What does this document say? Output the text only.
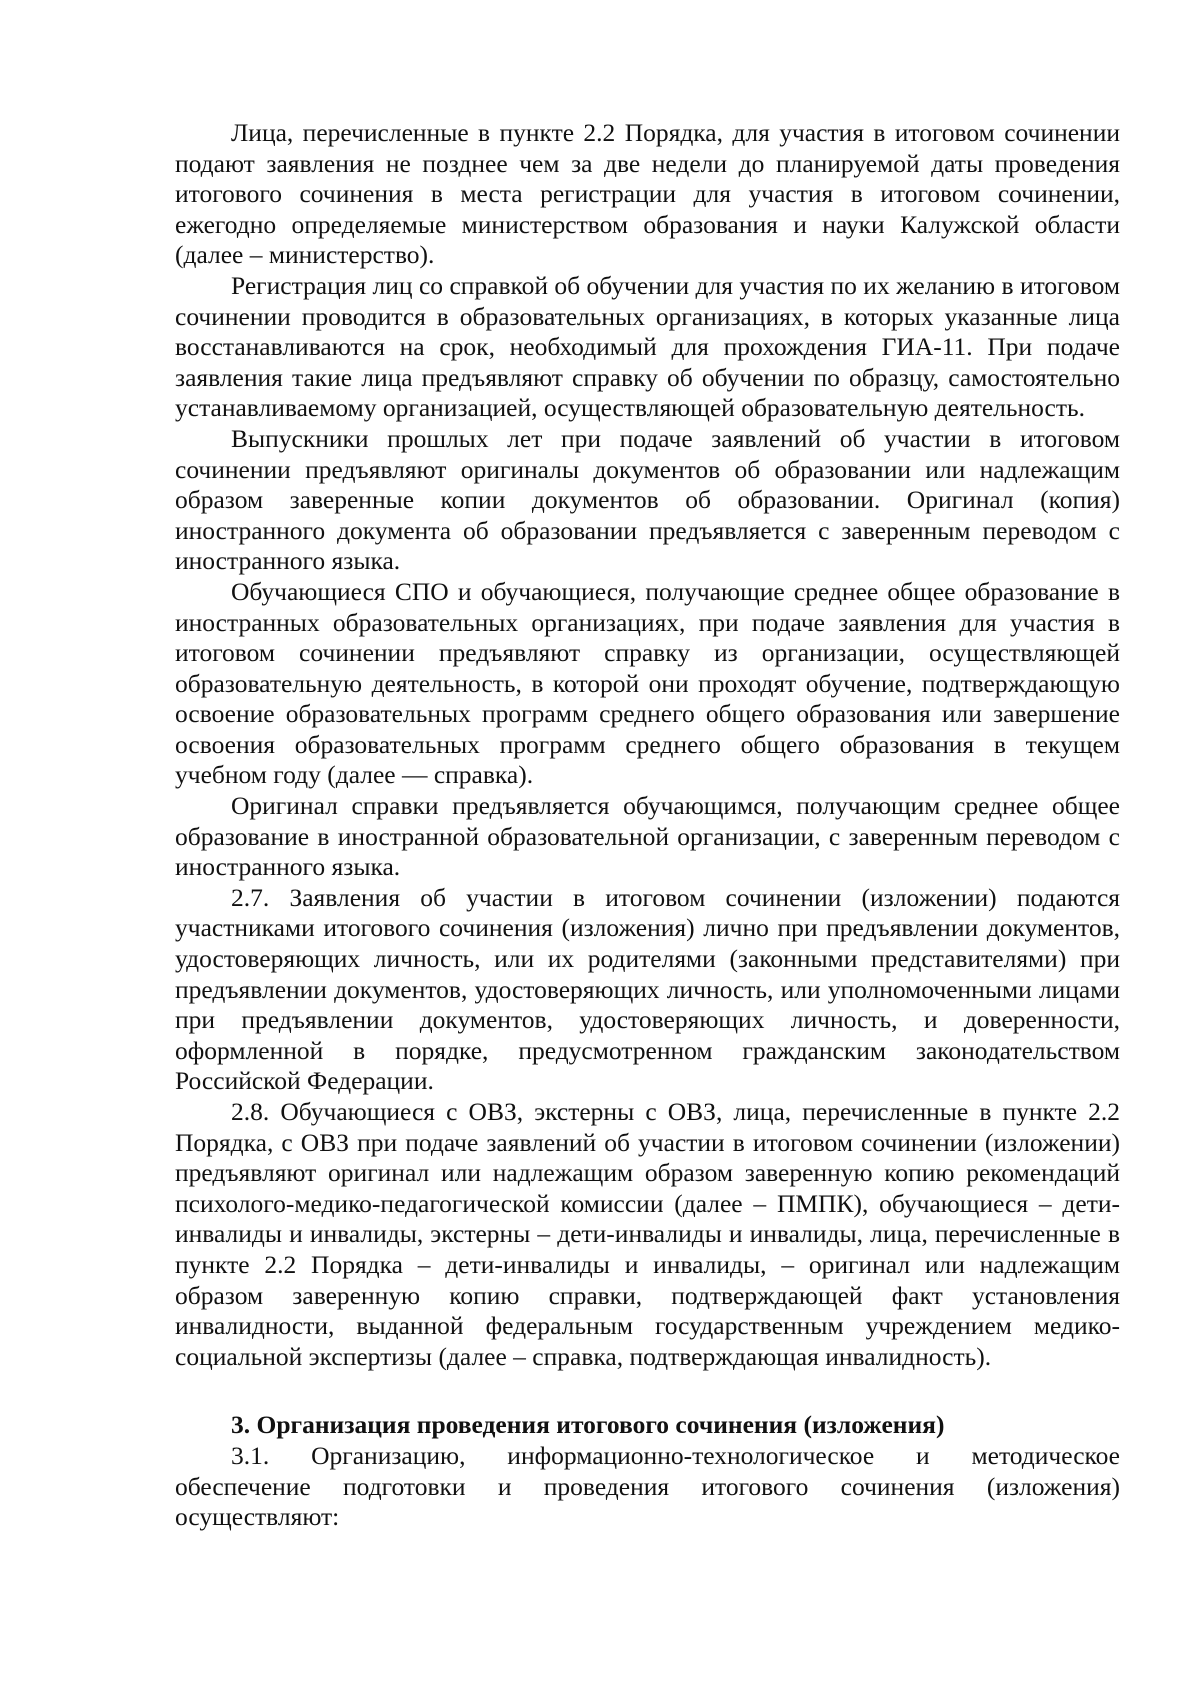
Лица, перечисленные в пункте 2.2 Порядка, для участия в итоговом сочинении подают заявления не позднее чем за две недели до планируемой даты проведения итогового сочинения в места регистрации для участия в итоговом сочинении, ежегодно определяемые министерством образования и науки Калужской области (далее – министерство).

Регистрация лиц со справкой об обучении для участия по их желанию в итоговом сочинении проводится в образовательных организациях, в которых указанные лица восстанавливаются на срок, необходимый для прохождения ГИА-11. При подаче заявления такие лица предъявляют справку об обучении по образцу, самостоятельно устанавливаемому организацией, осуществляющей образовательную деятельность.

Выпускники прошлых лет при подаче заявлений об участии в итоговом сочинении предъявляют оригиналы документов об образовании или надлежащим образом заверенные копии документов об образовании. Оригинал (копия) иностранного документа об образовании предъявляется с заверенным переводом с иностранного языка.

Обучающиеся СПО и обучающиеся, получающие среднее общее образование в иностранных образовательных организациях, при подаче заявления для участия в итоговом сочинении предъявляют справку из организации, осуществляющей образовательную деятельность, в которой они проходят обучение, подтверждающую освоение образовательных программ среднего общего образования или завершение освоения образовательных программ среднего общего образования в текущем учебном году (далее — справка).

Оригинал справки предъявляется обучающимся, получающим среднее общее образование в иностранной образовательной организации, с заверенным переводом с иностранного языка.

2.7. Заявления об участии в итоговом сочинении (изложении) подаются участниками итогового сочинения (изложения) лично при предъявлении документов, удостоверяющих личность, или их родителями (законными представителями) при предъявлении документов, удостоверяющих личность, или уполномоченными лицами при предъявлении документов, удостоверяющих личность, и доверенности, оформленной в порядке, предусмотренном гражданским законодательством Российской Федерации.

2.8. Обучающиеся с ОВЗ, экстерны с ОВЗ, лица, перечисленные в пункте 2.2 Порядка, с ОВЗ при подаче заявлений об участии в итоговом сочинении (изложении) предъявляют оригинал или надлежащим образом заверенную копию рекомендаций психолого-медико-педагогической комиссии (далее – ПМПК), обучающиеся – дети-инвалиды и инвалиды, экстерны – дети-инвалиды и инвалиды, лица, перечисленные в пункте 2.2 Порядка – дети-инвалиды и инвалиды, – оригинал или надлежащим образом заверенную копию справки, подтверждающей факт установления инвалидности, выданной федеральным государственным учреждением медико-социальной экспертизы (далее – справка, подтверждающая инвалидность).

3. Организация проведения итогового сочинения (изложения)

3.1. Организацию, информационно-технологическое и методическое обеспечение подготовки и проведения итогового сочинения (изложения) осуществляют:
